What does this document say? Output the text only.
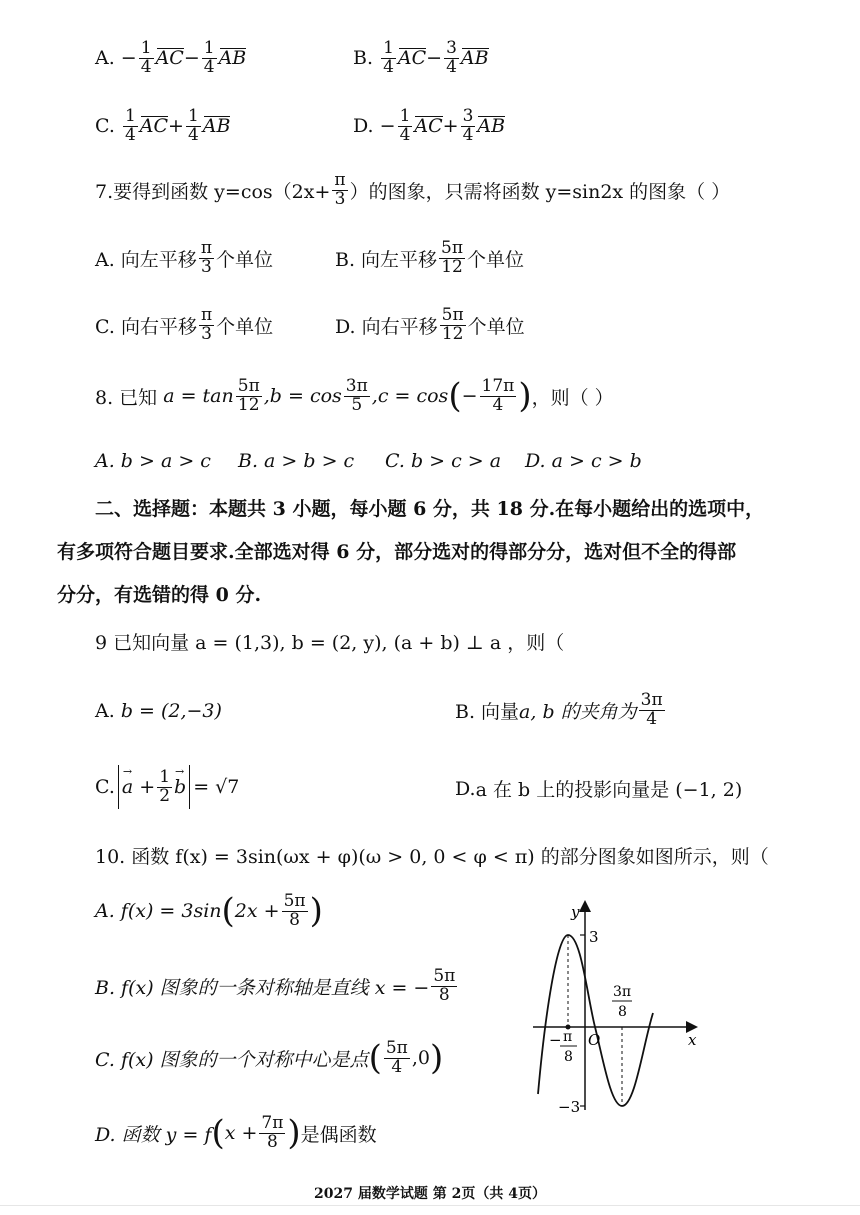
A. − $\frac{1}{4}$ AC − $\frac{1}{4}$ AB	B.
$\frac{1}{4}$ AC − $\frac{3}{4}$ AB
C.
$\frac{1}{4}$ AC + $\frac{1}{4}$ AB	D. − $\frac{1}{4}$ AC + $\frac{3}{4}$ AB
7.要得到函数 $y=\cos(2x+ \frac{\pi}{3}$ ）的图象，只需将函数 y=sin2x 的图象（ ）
A. 向左平移 $\frac{\pi}{3}$ 个单位	B. 向左平移 $\frac{5\pi}{12}$ 个单位
C. 向右平移 $\frac{\pi}{3}$ 个单位	D. 向右平移 $\frac{5\pi}{12}$ 个单位
8. 已知
$a = \tan \frac{5\pi}{12} ,b = \cos \frac{3\pi}{5} ,c = \cos$ ( − $\frac{17\pi}{4}$ ) ，则（ ）
A. b > a > c B. a > b > c C. b > c > a D. a > c > b
二、选择题：本题共 3 小题，每小题 6 分，共 18 分.在每小题给出的选项中，
有多项符合题目要求.全部选对得 6 分，部分选对的得部分分，选对但不全的得部
分分，有选错的得 0 分.
9 已知向量 a = (1,3), b = (2, y), (a + b) ⊥ a ，则（
A.
b = (2,−3)	B. 向量 a, b 的夹角为 $\frac{3\pi}{4}$
C.
→ $a + \frac{1}{2}$
→ b = √7	D. a 在 b 上的投影向量是 (−1, 2)
10. 函数 f(x) = 3sin(ωx + φ)(ω > 0, 0 < φ < π) 的部分图象如图所示，则（
A. f(x) = 3sin ( $2x + \frac{5\pi}{8}$ )
B. f(x) 图象的一条对称轴是直线 x = − $\frac{5\pi}{8}$
C. f(x) 图象的一个对称中心是点 ( $\frac{5\pi}{4} ,0$ )
D. 函数 y = f ( $x + \frac{7\pi}{8}$ ) 是偶函数
y
x
O
3
−3
− π
8
3π
8
2027 届数学试题 第 2页（共 4页）
